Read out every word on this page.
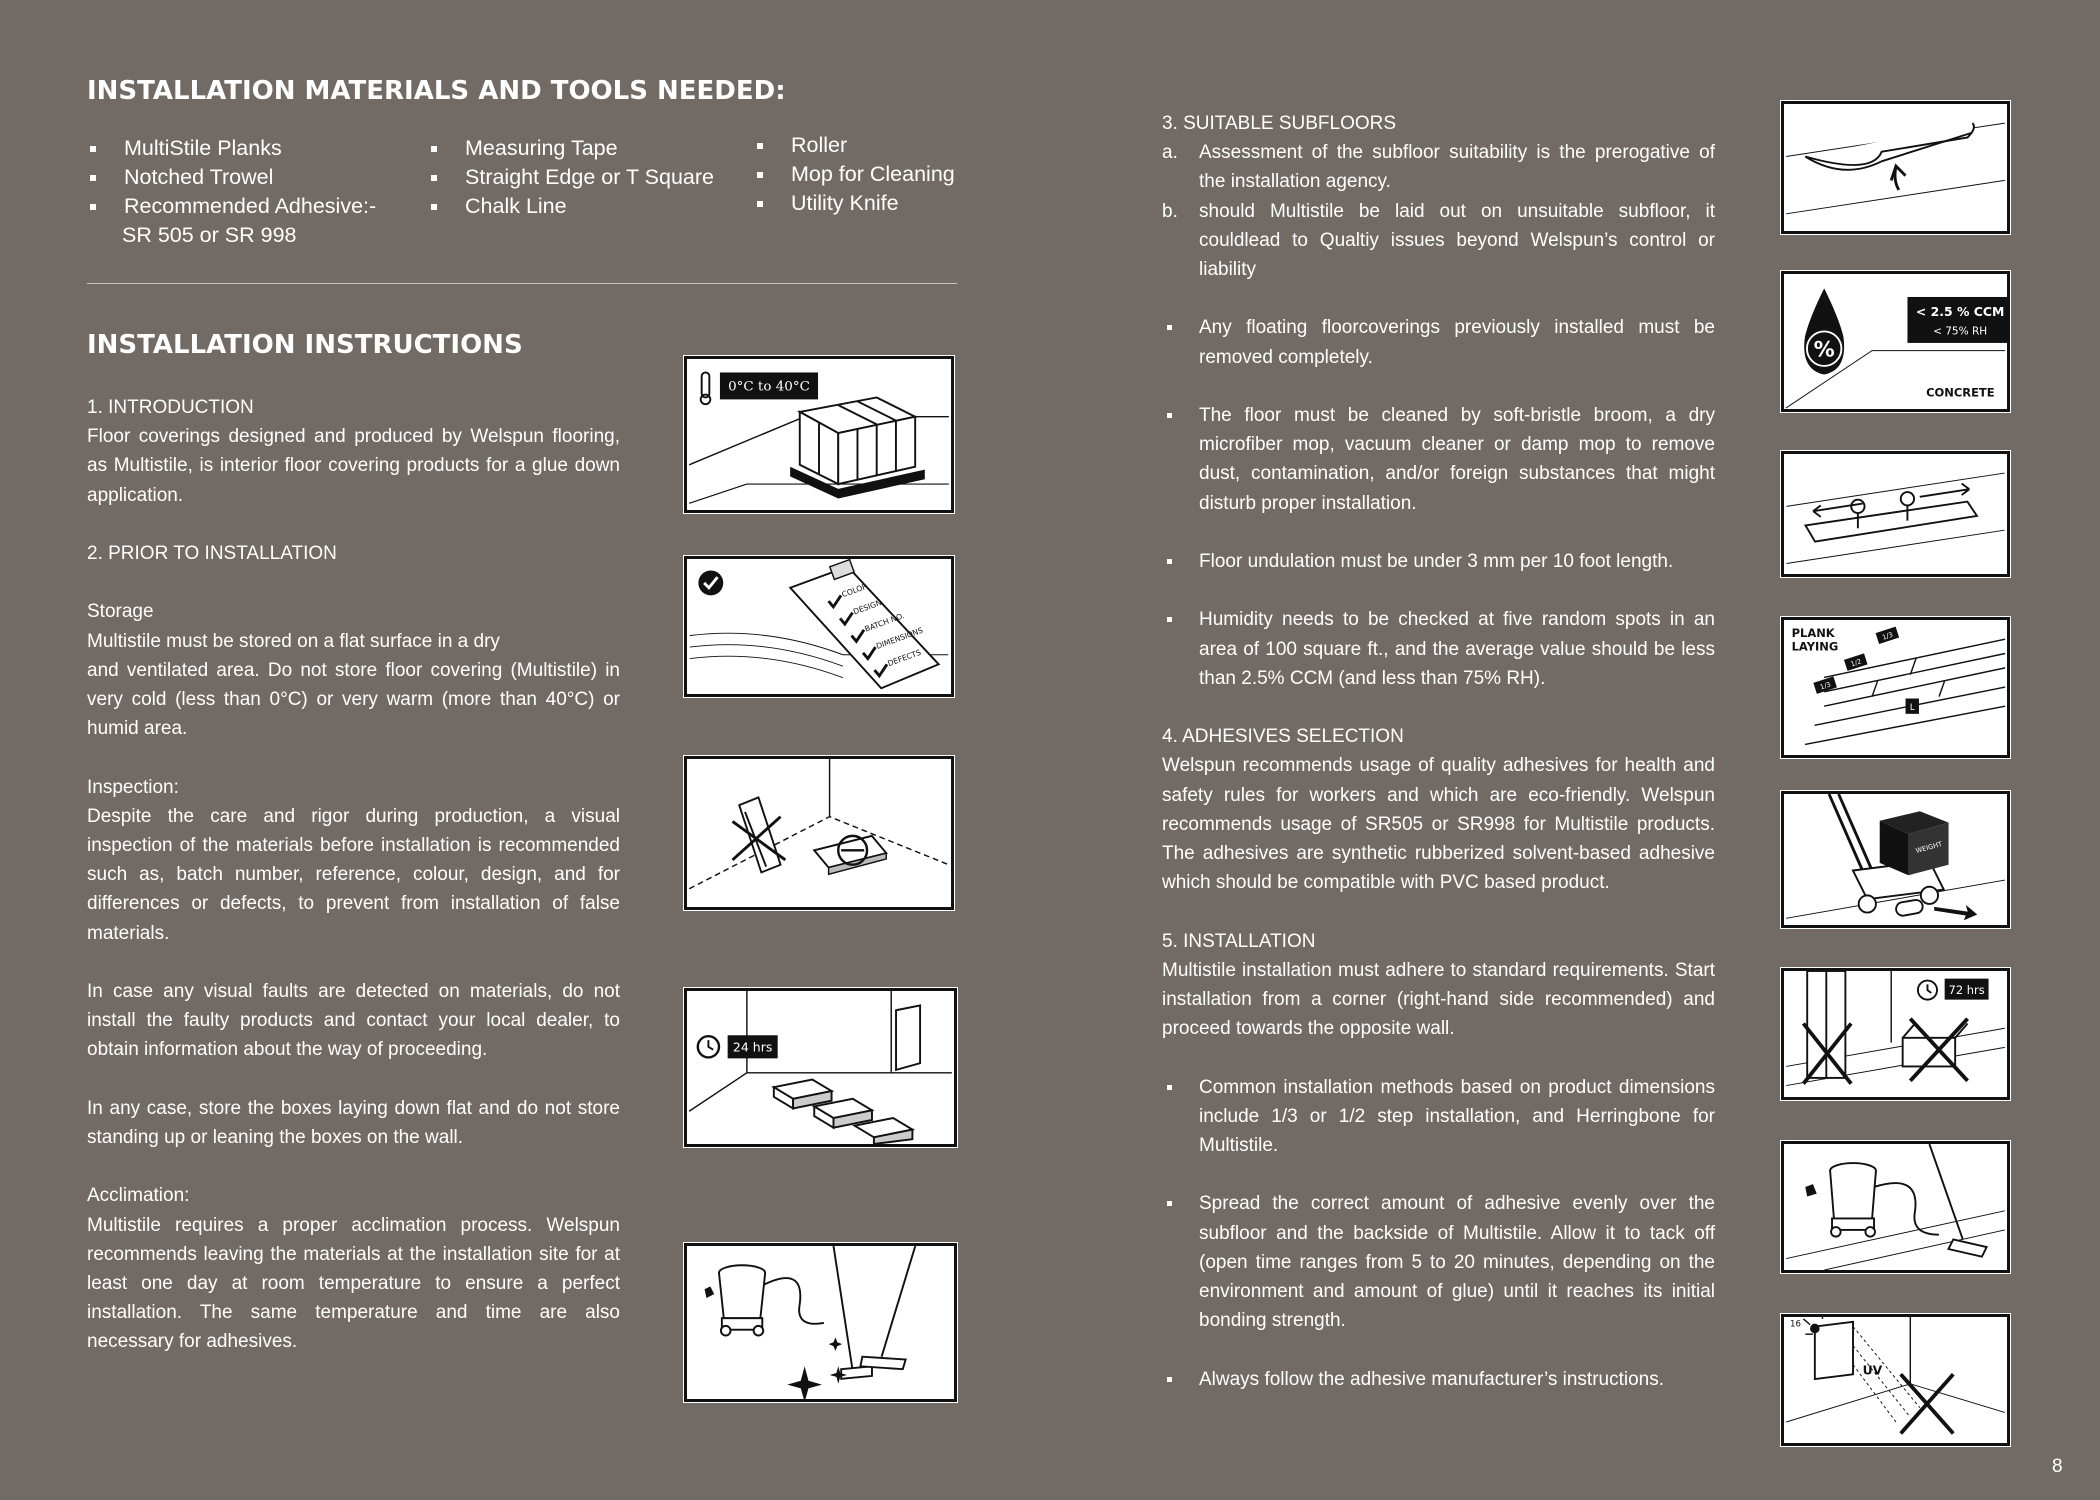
INSTALLATION MATERIALS AND TOOLS NEEDED:
MultiStile Planks
Notched Trowel
Recommended Adhesive:-
SR 505 or SR 998
Measuring Tape
Straight Edge or T Square
Chalk Line
Roller
Mop for Cleaning
Utility Knife
INSTALLATION INSTRUCTIONS
1. INTRODUCTION
Floor coverings designed and produced by Welspun flooring, as Multistile, is interior floor covering products for a glue down application.
2. PRIOR TO INSTALLATION
Storage
Multistile must be stored on a flat surface in a dry
and ventilated area. Do not store floor covering (Multistile) in very cold (less than 0°C) or very warm (more than 40°C) or humid area.
Inspection:
Despite the care and rigor during production, a visual inspection of the materials before installation is recommended such as, batch number, reference, colour, design, and for differences or defects, to prevent from installation of false materials.
In case any visual faults are detected on materials, do not install the faulty products and contact your local dealer, to obtain information about the way of proceeding.
In any case, store the boxes laying down flat and do not store standing up or leaning the boxes on the wall.
Acclimation:
Multistile requires a proper acclimation process. Welspun recommends leaving the materials at the installation site for at least one day at room temperature to ensure a perfect installation. The same temperature and time are also necessary for adhesives.
0°C to 40°C
COLOR
DESIGN
BATCH NO.
DIMENSIONS
DEFECTS
24 hrs
3. SUITABLE SUBFLOORS
a. Assessment of the subfloor suitability is the prerogative of the installation agency.
b. should Multistile be laid out on unsuitable subfloor, it couldlead to Qualtiy issues beyond Welspun’s control or liability
Any floating floorcoverings previously installed must be removed completely.
The floor must be cleaned by soft-bristle broom, a dry microfiber mop, vacuum cleaner or damp mop to remove dust, contamination, and/or foreign substances that might disturb proper installation.
Floor undulation must be under 3 mm per 10 foot length.
Humidity needs to be checked at five random spots in an area of 100 square ft., and the average value should be less than 2.5% CCM (and less than 75% RH).
4. ADHESIVES SELECTION
Welspun recommends usage of quality adhesives for health and safety rules for workers and which are eco-friendly. Welspun recommends usage of SR505 or SR998 for Multistile products. The adhesives are synthetic rubberized solvent-based adhesive which should be compatible with PVC based product.
5. INSTALLATION
Multistile installation must adhere to standard requirements. Start installation from a corner (right-hand side recommended) and proceed towards the opposite wall.
Common installation methods based on product dimensions include 1/3 or 1/2 step installation, and Herringbone for Multistile.
Spread the correct amount of adhesive evenly over the subfloor and the backside of Multistile. Allow it to tack off (open time ranges from 5 to 20 minutes, depending on the environment and amount of glue) until it reaches its initial bonding strength.
Always follow the adhesive manufacturer’s instructions.
%
< 2.5 % CCM
< 75% RH
CONCRETE
PLANK
LAYING
1/3
1/2
1/3
L
WEIGHT
72 hrs
16
UV
8
